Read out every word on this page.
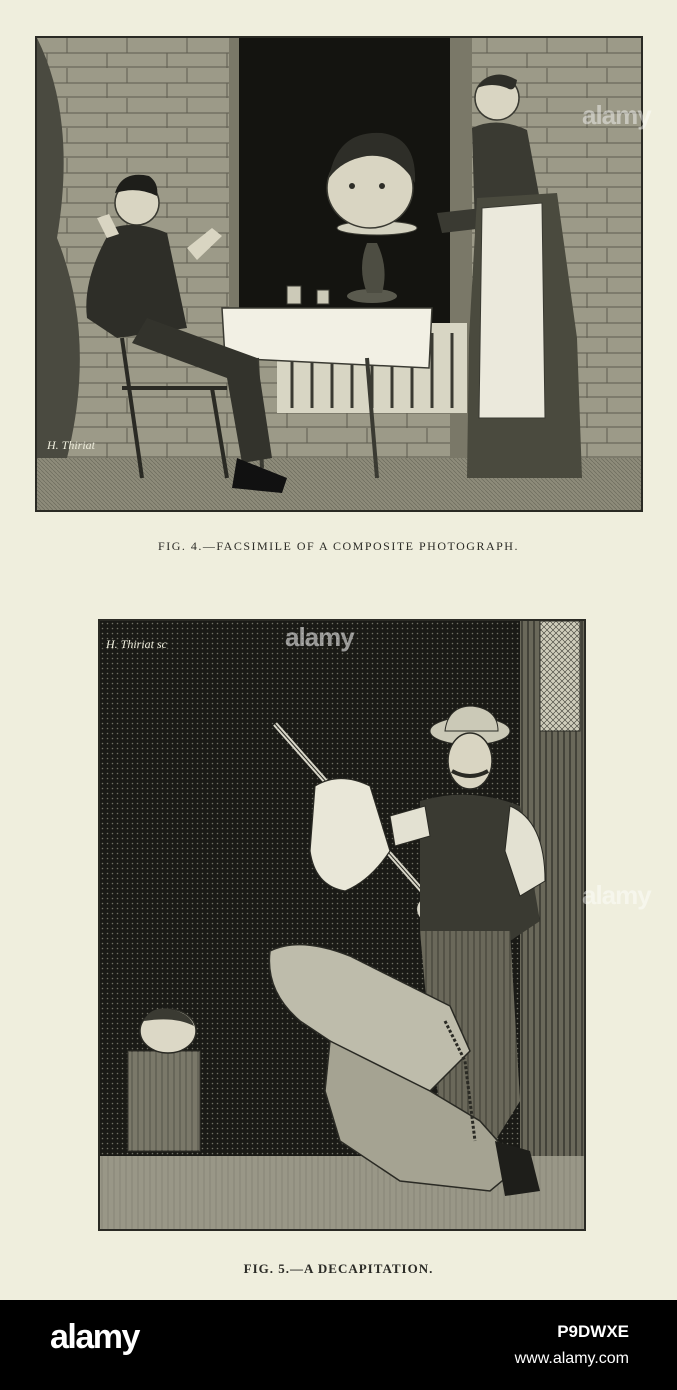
H. Thiriat
FIG. 4.—FACSIMILE OF A COMPOSITE PHOTOGRAPH.
H. Thiriat sc
FIG. 5.—A DECAPITATION.
alamy
alamy
alamy
alamy	P9DWXE
www.alamy.com
